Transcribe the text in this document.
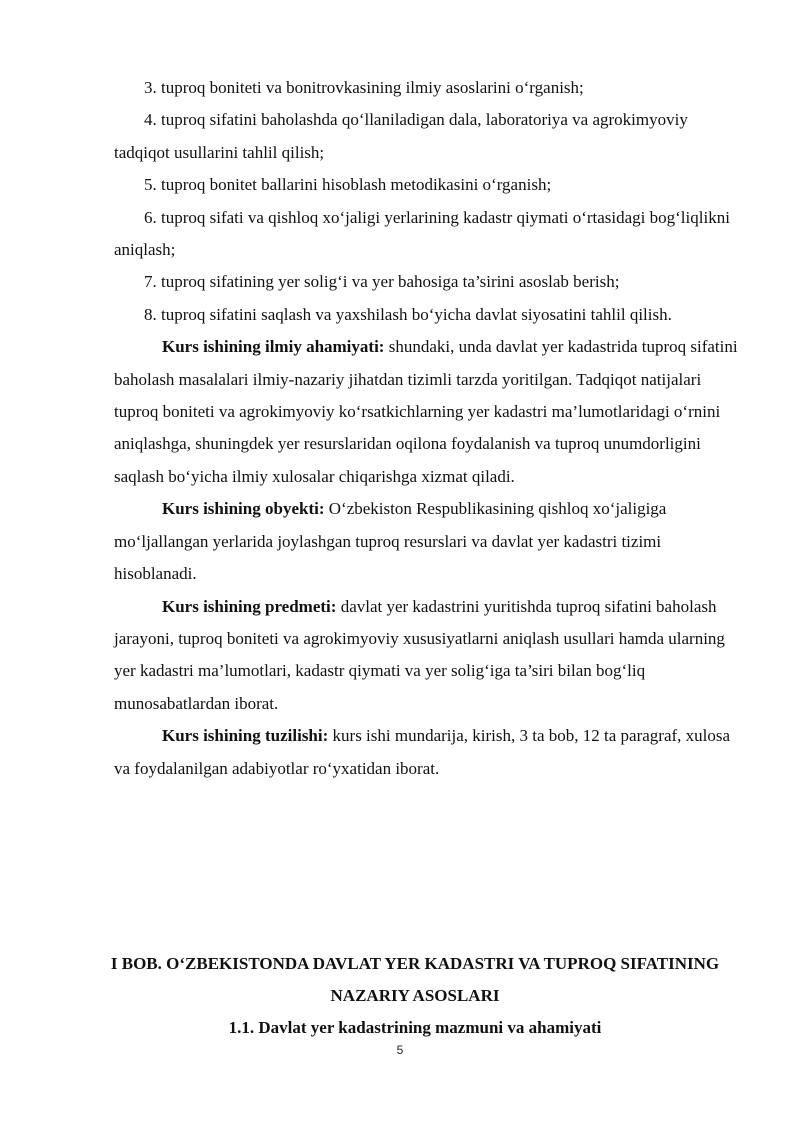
3. tuproq boniteti va bonitrovkasining ilmiy asoslarini o‘rganish;

4. tuproq sifatini baholashda qo‘llaniladigan dala, laboratoriya va agrokimyoviy tadqiqot usullarini tahlil qilish;

5. tuproq bonitet ballarini hisoblash metodikasini o‘rganish;

6. tuproq sifati va qishloq xo‘jaligi yerlarining kadastr qiymati o‘rtasidagi bog‘liqlikni aniqlash;

7. tuproq sifatining yer solig‘i va yer bahosiga ta’sirini asoslab berish;

8. tuproq sifatini saqlash va yaxshilash bo‘yicha davlat siyosatini tahlil qilish.

Kurs ishining ilmiy ahamiyati: shundaki, unda davlat yer kadastrida tuproq sifatini baholash masalalari ilmiy-nazariy jihatdan tizimli tarzda yoritilgan. Tadqiqot natijalari tuproq boniteti va agrokimyoviy ko‘rsatkichlarning yer kadastri ma’lumotlaridagi o‘rnini aniqlashga, shuningdek yer resurslaridan oqilona foydalanish va tuproq unumdorligini saqlash bo‘yicha ilmiy xulosalar chiqarishga xizmat qiladi.

Kurs ishining obyekti: O‘zbekiston Respublikasining qishloq xo‘jaligiga mo‘ljallangan yerlarida joylashgan tuproq resurslari va davlat yer kadastri tizimi hisoblanadi.

Kurs ishining predmeti: davlat yer kadastrini yuritishda tuproq sifatini baholash jarayoni, tuproq boniteti va agrokimyoviy xususiyatlarni aniqlash usullari hamda ularning yer kadastri ma’lumotlari, kadastr qiymati va yer solig‘iga ta’siri bilan bog‘liq munosabatlardan iborat.

Kurs ishining tuzilishi: kurs ishi mundarija, kirish, 3 ta bob, 12 ta paragraf, xulosa va foydalanilgan adabiyotlar ro‘yxatidan iborat.

I BOB. O‘ZBEKISTONDA DAVLAT YER KADASTRI VA TUPROQ SIFATINING NAZARIY ASOSLARI

1.1. Davlat yer kadastrining mazmuni va ahamiyati

5
